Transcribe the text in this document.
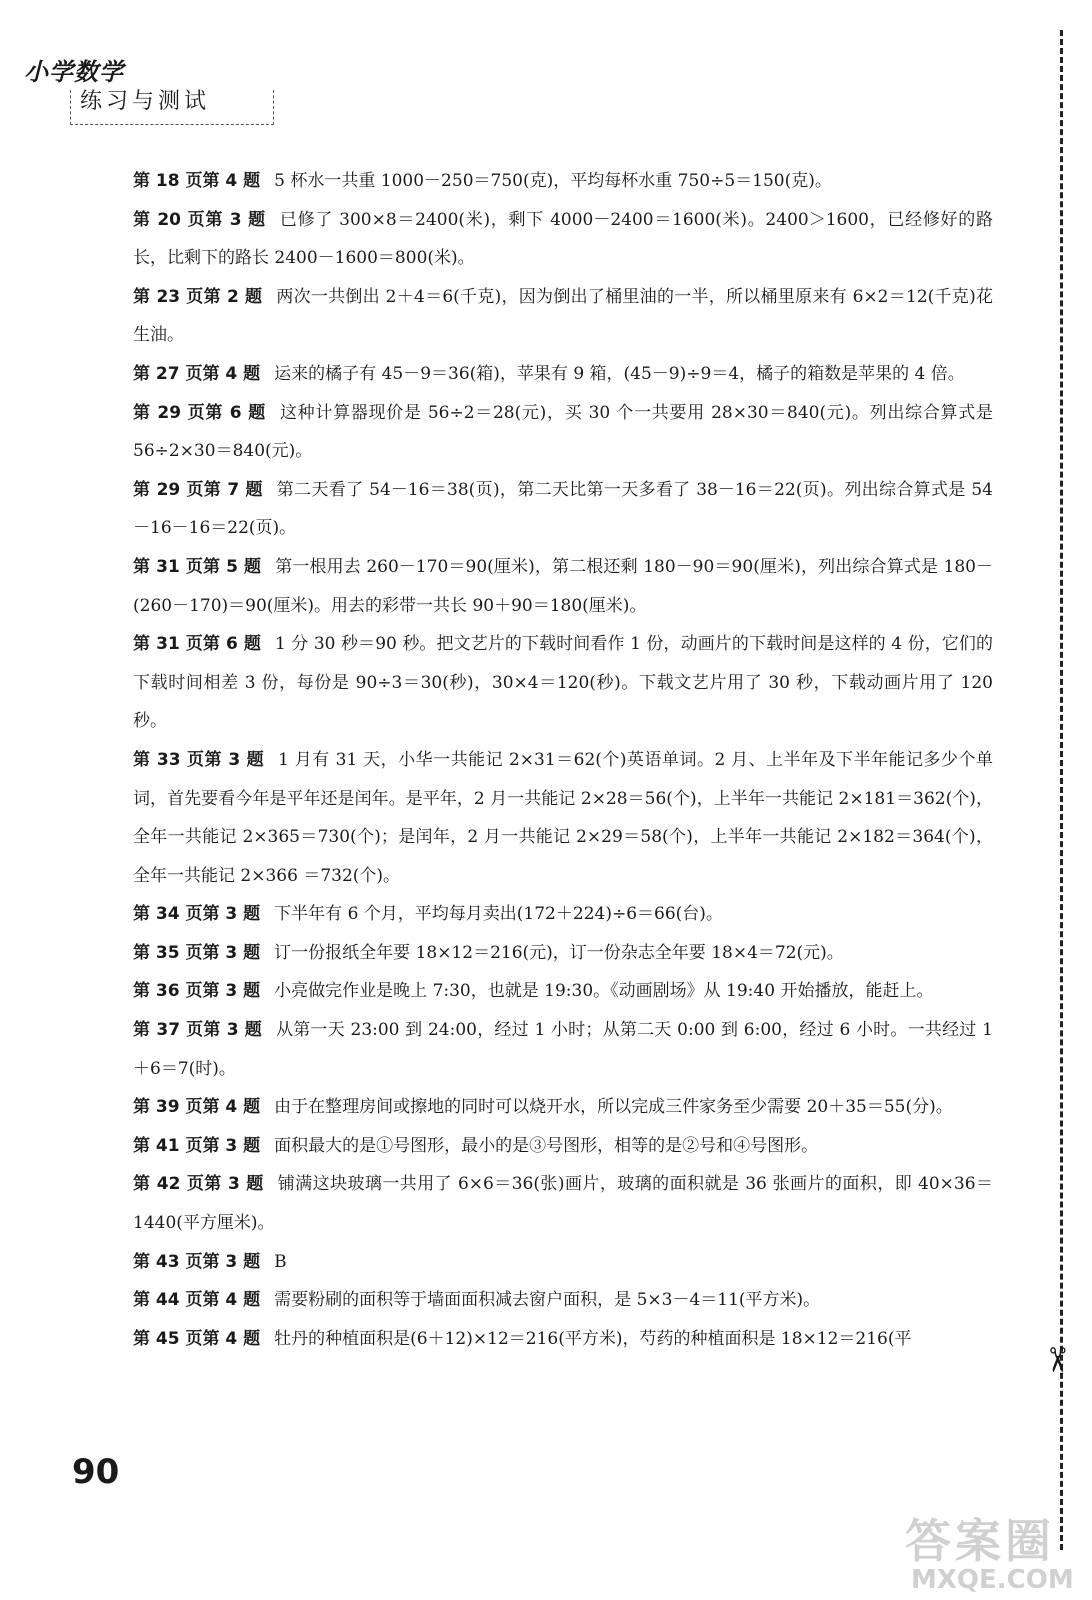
小学数学
练习与测试

第 18 页第 4 题 5 杯水一共重 1000－250＝750(克)，平均每杯水重 750÷5＝150(克)。

第 20 页第 3 题 已修了 300×8＝2400(米)，剩下 4000－2400＝1600(米)。2400＞1600，已经修好的路长，比剩下的路长 2400－1600＝800(米)。

第 23 页第 2 题 两次一共倒出 2＋4＝6(千克)，因为倒出了桶里油的一半，所以桶里原来有 6×2＝12(千克)花生油。

第 27 页第 4 题 运来的橘子有 45－9＝36(箱)，苹果有 9 箱，(45－9)÷9＝4，橘子的箱数是苹果的 4 倍。

第 29 页第 6 题 这种计算器现价是 56÷2＝28(元)，买 30 个一共要用 28×30＝840(元)。列出综合算式是 56÷2×30＝840(元)。

第 29 页第 7 题 第二天看了 54－16＝38(页)，第二天比第一天多看了 38－16＝22(页)。列出综合算式是 54－16－16＝22(页)。

第 31 页第 5 题 第一根用去 260－170＝90(厘米)，第二根还剩 180－90＝90(厘米)，列出综合算式是 180－(260－170)＝90(厘米)。用去的彩带一共长 90＋90＝180(厘米)。

第 31 页第 6 题 1 分 30 秒＝90 秒。把文艺片的下载时间看作 1 份，动画片的下载时间是这样的 4 份，它们的下载时间相差 3 份，每份是 90÷3＝30(秒)，30×4＝120(秒)。下载文艺片用了 30 秒，下载动画片用了 120 秒。

第 33 页第 3 题 1 月有 31 天，小华一共能记 2×31＝62(个)英语单词。2 月、上半年及下半年能记多少个单词，首先要看今年是平年还是闰年。是平年，2 月一共能记 2×28＝56(个)，上半年一共能记 2×181＝362(个)，全年一共能记 2×365＝730(个)；是闰年，2 月一共能记 2×29＝58(个)，上半年一共能记 2×182＝364(个)，全年一共能记 2×366 ＝732(个)。

第 34 页第 3 题 下半年有 6 个月，平均每月卖出(172＋224)÷6＝66(台)。

第 35 页第 3 题 订一份报纸全年要 18×12＝216(元)，订一份杂志全年要 18×4＝72(元)。

第 36 页第 3 题 小亮做完作业是晚上 7:30，也就是 19:30。《动画剧场》从 19:40 开始播放，能赶上。

第 37 页第 3 题 从第一天 23:00 到 24:00，经过 1 小时；从第二天 0:00 到 6:00，经过 6 小时。一共经过 1＋6＝7(时)。

第 39 页第 4 题 由于在整理房间或擦地的同时可以烧开水，所以完成三件家务至少需要 20＋35＝55(分)。

第 41 页第 3 题 面积最大的是①号图形，最小的是③号图形，相等的是②号和④号图形。

第 42 页第 3 题 铺满这块玻璃一共用了 6×6＝36(张)画片，玻璃的面积就是 36 张画片的面积，即 40×36＝1440(平方厘米)。

第 43 页第 3 题 B

第 44 页第 4 题 需要粉刷的面积等于墙面面积减去窗户面积，是 5×3－4＝11(平方米)。

第 45 页第 4 题 牡丹的种植面积是(6＋12)×12＝216(平方米)，芍药的种植面积是 18×12＝216(平

90
✂
答案圈
MXQE.COM
